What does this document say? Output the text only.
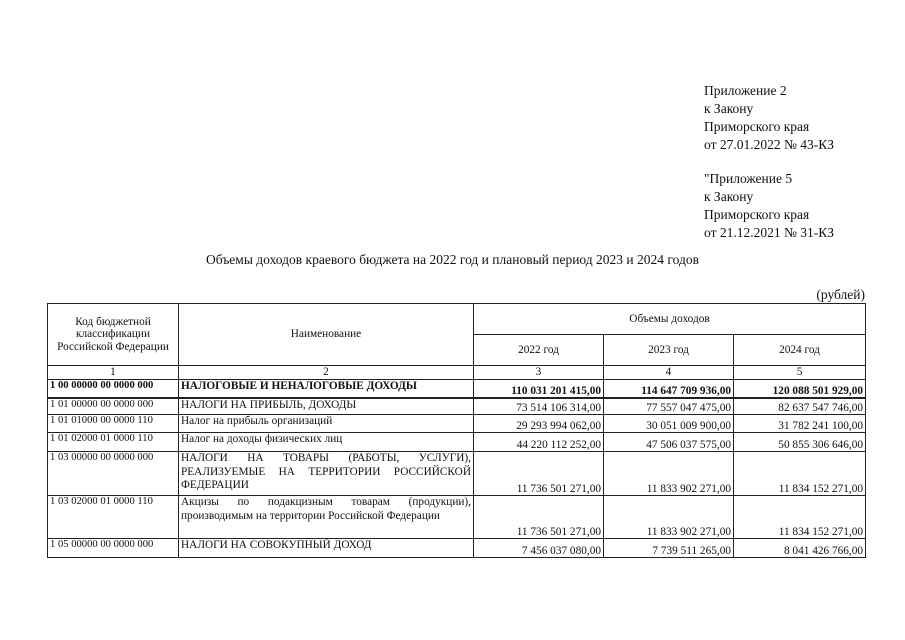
Приложение 2
к Закону
Приморского края
от 27.01.2022 № 43-КЗ
"Приложение 5
к Закону
Приморского края
от 21.12.2021 № 31-КЗ
Объемы доходов краевого бюджета на 2022 год и плановый период 2023 и 2024 годов
(рублей)
Код бюджетной классификации Российской Федерации	Наименование	Объемы доходов		
		2022 год	2023 год	2024 год
1	2	3	4	5
1 00 00000 00 0000 000	НАЛОГОВЫЕ И НЕНАЛОГОВЫЕ ДОХОДЫ	110 031 201 415,00	114 647 709 936,00	120 088 501 929,00
1 01 00000 00 0000 000	НАЛОГИ НА ПРИБЫЛЬ, ДОХОДЫ	73 514 106 314,00	77 557 047 475,00	82 637 547 746,00
1 01 01000 00 0000 110	Налог на прибыль организаций	29 293 994 062,00	30 051 009 900,00	31 782 241 100,00
1 01 02000 01 0000 110	Налог на доходы физических лиц	44 220 112 252,00	47 506 037 575,00	50 855 306 646,00
1 03 00000 00 0000 000	НАЛОГИ НА ТОВАРЫ (РАБОТЫ, УСЛУГИ), РЕАЛИЗУЕМЫЕ НА ТЕРРИТОРИИ РОССИЙСКОЙ ФЕДЕРАЦИИ	11 736 501 271,00	11 833 902 271,00	11 834 152 271,00
1 03 02000 01 0000 110	Акцизы по подакцизным товарам (продукции), производимым на территории Российской Федерации	11 736 501 271,00	11 833 902 271,00	11 834 152 271,00
1 05 00000 00 0000 000	НАЛОГИ НА СОВОКУПНЫЙ ДОХОД	7 456 037 080,00	7 739 511 265,00	8 041 426 766,00
